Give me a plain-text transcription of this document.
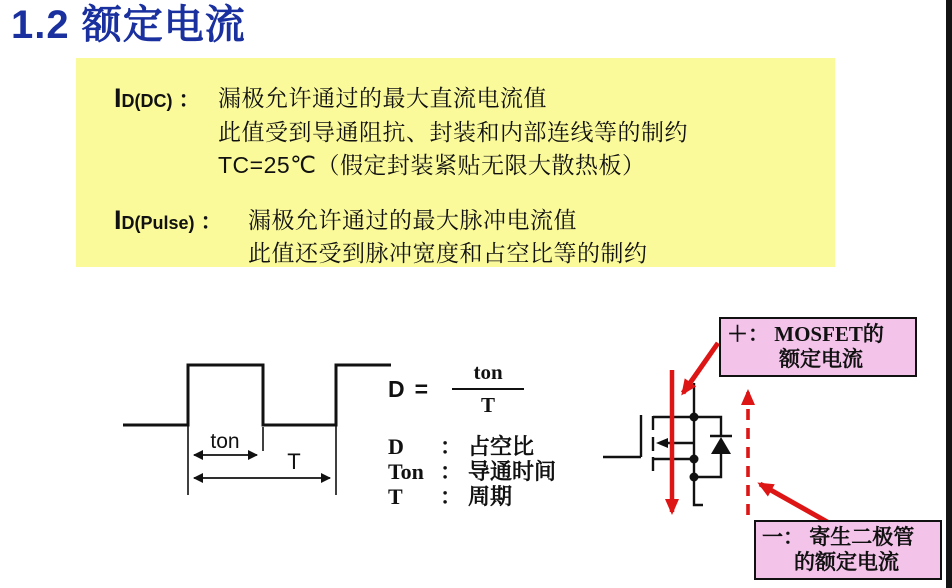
1.2 额定电流
I D(DC) ： 漏极允许通过的最大直流电流值
此值受到导通阻抗、封装和内部连线等的制约
TC=25℃（假定封装紧贴无限大散热板）
I D(Pulse) ： 漏极允许通过的最大脉冲电流值
此值还受到脉冲宽度和占空比等的制约
ton
T
$D = \frac{\text{ton}}{T}$
D	： 占空比
Ton ： 导通时间
T	： 周期
＋： MOSFET的
额定电流
一： 寄生二极管
的额定电流
